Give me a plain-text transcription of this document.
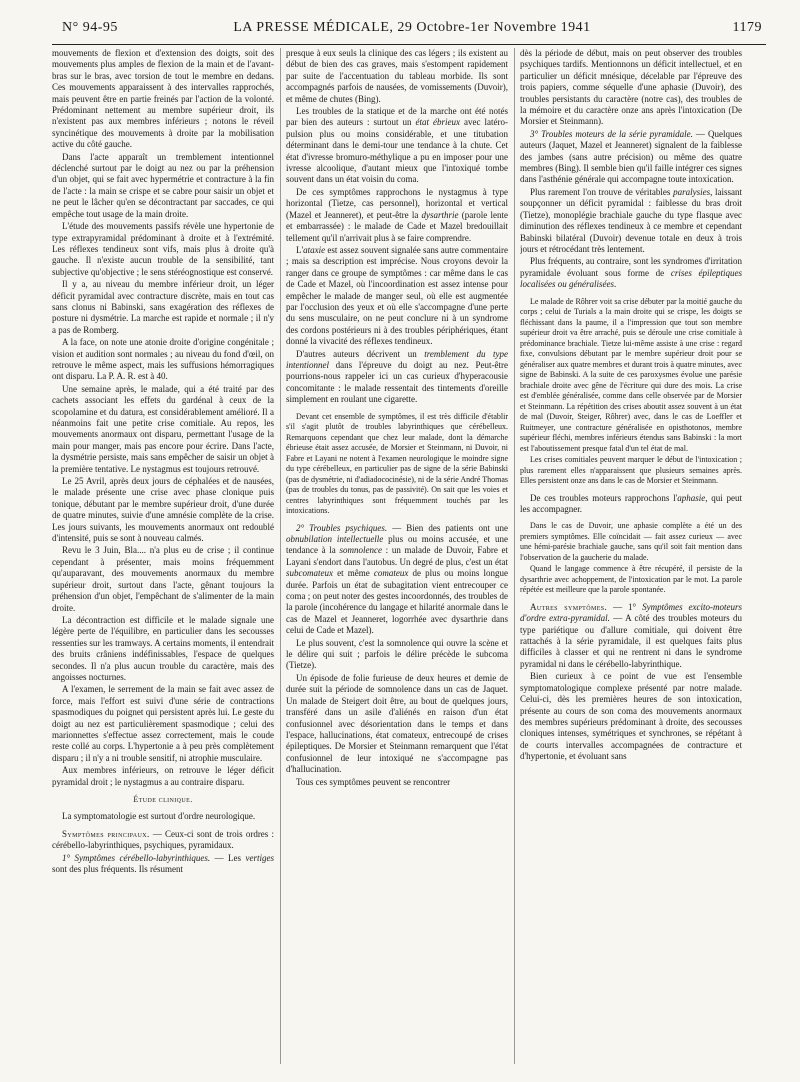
N° 94-95	LA PRESSE MÉDICALE, 29 Octobre-1er Novembre 1941	1179

mouvements de flexion et d'extension des doigts, soit des mouvements plus amples de flexion de la main et de l'avant-bras sur le bras, avec torsion de tout le membre en dedans. Ces mouvements apparaissent à des intervalles rapprochés, mais peuvent être en partie freinés par l'action de la volonté. Prédominant nettement au membre supérieur droit, ils n'existent pas aux membres inférieurs ; notons le réveil syncinétique des mouvements à droite par la mobilisation active du côté gauche.

Dans l'acte apparaît un tremblement intentionnel déclenché surtout par le doigt au nez ou par la préhension d'un objet, qui se fait avec hypermétrie et contracture à la fin de l'acte : la main se crispe et se cabre pour saisir un objet et ne peut le lâcher qu'en se décontractant par saccades, ce qui empêche tout usage de la main droite.

L'étude des mouvements passifs révèle une hypertonie de type extrapyramidal prédominant à droite et à l'extrémité. Les réflexes tendineux sont vifs, mais plus à droite qu'à gauche. Il n'existe aucun trouble de la sensibilité, tant subjective qu'objective ; le sens stéréognostique est conservé.

Il y a, au niveau du membre inférieur droit, un léger déficit pyramidal avec contracture discrète, mais en tout cas sans clonus ni Babinski, sans exagération des réflexes de posture ni dysmétrie. La marche est rapide et normale ; il n'y a pas de Romberg.

A la face, on note une atonie droite d'origine congénitale ; vision et audition sont normales ; au niveau du fond d'œil, on retrouve le même aspect, mais les suffusions hémorragiques ont disparu. La P. A. R. est à 40.

Une semaine après, le malade, qui a été traité par des cachets associant les effets du gardénal à ceux de la scopolamine et du datura, est considérablement amélioré. Il a néanmoins fait une petite crise comitiale. Au repos, les mouvements anormaux ont disparu, permettant l'usage de la main pour manger, mais pas encore pour écrire. Dans l'acte, la dysmétrie persiste, mais sans empêcher de saisir un objet à la première tentative. Le nystagmus est toujours retrouvé.

Le 25 Avril, après deux jours de céphalées et de nausées, le malade présente une crise avec phase clonique puis tonique, débutant par le membre supérieur droit, d'une durée de quatre minutes, suivie d'une amnésie complète de la crise. Les jours suivants, les mouvements anormaux ont redoublé d'intensité, puis se sont à nouveau calmés.

Revu le 3 Juin, Bla.... n'a plus eu de crise ; il continue cependant à présenter, mais moins fréquemment qu'auparavant, des mouvements anormaux du membre supérieur droit, surtout dans l'acte, gênant toujours la préhension d'un objet, l'empêchant de s'alimenter de la main droite.

La décontraction est difficile et le malade signale une légère perte de l'équilibre, en particulier dans les secousses ressenties sur les tramways. A certains moments, il entendrait des bruits crâniens indéfinissables, l'espace de quelques secondes. Il n'a plus aucun trouble du caractère, mais des angoisses nocturnes.

A l'examen, le serrement de la main se fait avec assez de force, mais l'effort est suivi d'une série de contractions spasmodiques du poignet qui persistent après lui. Le geste du doigt au nez est particulièrement spasmodique ; celui des marionnettes s'effectue assez correctement, mais le coude reste collé au corps. L'hypertonie a à peu près complètement disparu ; il n'y a ni trouble sensitif, ni atrophie musculaire.

Aux membres inférieurs, on retrouve le léger déficit pyramidal droit ; le nystagmus a au contraire disparu.

Étude clinique.

La symptomatologie est surtout d'ordre neurologique.

Symptômes principaux. — Ceux-ci sont de trois ordres : cérébello-labyrinthiques, psychiques, pyramidaux.

1° Symptômes cérébello-labyrinthiques. — Les vertiges sont des plus fréquents. Ils résument

presque à eux seuls la clinique des cas légers ; ils existent au début de bien des cas graves, mais s'estompent rapidement par suite de l'accentuation du tableau morbide. Ils sont accompagnés parfois de nausées, de vomissements (Duvoir), et même de chutes (Bing).

Les troubles de la statique et de la marche ont été notés par bien des auteurs : surtout un état ébrieux avec latéro-pulsion plus ou moins considérable, et une titubation déterminant dans le demi-tour une tendance à la chute. Cet état d'ivresse bromuro-méthylique a pu en imposer pour une ivresse alcoolique, d'autant mieux que l'intoxiqué tombe souvent dans un état voisin du coma.

De ces symptômes rapprochons le nystagmus à type horizontal (Tietze, cas personnel), horizontal et vertical (Mazel et Jeanneret), et peut-être la dysarthrie (parole lente et embarrassée) : le malade de Cade et Mazel bredouillait tellement qu'il n'arrivait plus à se faire comprendre.

L'ataxie est assez souvent signalée sans autre commentaire ; mais sa description est imprécise. Nous croyons devoir la ranger dans ce groupe de symptômes : car même dans le cas de Cade et Mazel, où l'incoordination est assez intense pour empêcher le malade de manger seul, où elle est augmentée par l'occlusion des yeux et où elle s'accompagne d'une perte du sens musculaire, on ne peut conclure ni à un syndrome des cordons postérieurs ni à des troubles périphériques, étant donné la vivacité des réflexes tendineux.

D'autres auteurs décrivent un tremblement du type intentionnel dans l'épreuve du doigt au nez. Peut-être pourrions-nous rappeler ici un cas curieux d'hyperacousie concomitante : le malade ressentait des tintements d'oreille simplement en roulant une cigarette.

Devant cet ensemble de symptômes, il est très difficile d'établir s'il s'agit plutôt de troubles labyrinthiques que cérébelleux. Remarquons cependant que chez leur malade, dont la démarche ébrieuse était assez accusée, de Morsier et Steinmann, ni Duvoir, ni Fabre et Layani ne notent à l'examen neurologique le moindre signe du type cérébelleux, en particulier pas de signe de la série Babinski (pas de dysmétrie, ni d'adiadococinésie), ni de la série André Thomas (pas de troubles du tonus, pas de passivité). On sait que les voies et centres labyrinthiques sont fréquemment touchés par les intoxications.

2° Troubles psychiques. — Bien des patients ont une obnubilation intellectuelle plus ou moins accusée, et une tendance à la somnolence : un malade de Duvoir, Fabre et Layani s'endort dans l'autobus. Un degré de plus, c'est un état subcomateux et même comateux de plus ou moins longue durée. Parfois un état de subagitation vient entrecouper ce coma ; on peut noter des gestes incoordonnés, des troubles de la parole (incohérence du langage et hilarité anormale dans le cas de Mazel et Jeanneret, logorrhée avec dysarthrie dans celui de Cade et Mazel).

Le plus souvent, c'est la somnolence qui ouvre la scène et le délire qui suit ; parfois le délire précède le subcoma (Tietze).

Un épisode de folie furieuse de deux heures et demie de durée suit la période de somnolence dans un cas de Jaquet. Un malade de Steigert doit être, au bout de quelques jours, transféré dans un asile d'aliénés en raison d'un état confusionnel avec désorientation dans le temps et dans l'espace, hallucinations, état comateux, entrecoupé de crises épileptiques. De Morsier et Steinmann remarquent que l'état confusionnel de leur intoxiqué ne s'accompagne pas d'hallucination.

Tous ces symptômes peuvent se rencontrer

dès la période de début, mais on peut observer des troubles psychiques tardifs. Mentionnons un déficit intellectuel, et en particulier un déficit mnésique, décelable par l'épreuve des trois papiers, comme séquelle d'une aphasie (Duvoir), des troubles persistants du caractère (notre cas), des troubles de la mémoire et du caractère onze ans après l'intoxication (De Morsier et Steinmann).

3° Troubles moteurs de la série pyramidale. — Quelques auteurs (Jaquet, Mazel et Jeanneret) signalent de la faiblesse des jambes (sans autre précision) ou même des quatre membres (Bing). Il semble bien qu'il faille intégrer ces signes dans l'asthénie générale qui accompagne toute intoxication.

Plus rarement l'on trouve de véritables paralysies, laissant soupçonner un déficit pyramidal : faiblesse du bras droit (Tietze), monoplégie brachiale gauche du type flasque avec diminution des réflexes tendineux à ce membre et cependant Babinski bilatéral (Duvoir) devenue totale en deux à trois jours et rétrocédant très lentement.

Plus fréquents, au contraire, sont les syndromes d'irritation pyramidale évoluant sous forme de crises épileptiques localisées ou généralisées.

Le malade de Rôhrer voit sa crise débuter par la moitié gauche du corps ; celui de Turials a la main droite qui se crispe, les doigts se fléchissant dans la paume, il a l'impression que tout son membre supérieur droit va être arraché, puis se déroule une crise comitiale à prédominance brachiale. Tietze lui-même assiste à une crise : regard fixe, convulsions débutant par le membre supérieur droit pour se généraliser aux quatre membres et durant trois à quatre minutes, avec signe de Babinski. A la suite de ces paroxysmes évolue une parésie brachiale droite avec gêne de l'écriture qui dure des mois. La crise est d'emblée généralisée, comme dans celle observée par de Morsier et Steinmann. La répétition des crises aboutit assez souvent à un état de mal (Duvoir, Steiger, Rôhrer) avec, dans le cas de Loeffler et Ruitmeyer, une contracture généralisée en opisthotonos, membre supérieur fléchi, membres inférieurs étendus sans Babinski : la mort est l'aboutissement presque fatal d'un tel état de mal.

Les crises comitiales peuvent marquer le début de l'intoxication ; plus rarement elles n'apparaissent que plusieurs semaines après. Elles persistent onze ans dans le cas de Morsier et Steinmann.

De ces troubles moteurs rapprochons l'aphasie, qui peut les accompagner.

Dans le cas de Duvoir, une aphasie complète a été un des premiers symptômes. Elle coïncidait — fait assez curieux — avec une hémi-parésie brachiale gauche, sans qu'il soit fait mention dans l'observation de la gaucherie du malade.

Quand le langage commence à être récupéré, il persiste de la dysarthrie avec achoppement, de l'intoxication par le mot. La parole répétée est meilleure que la parole spontanée.

Autres symptômes. — 1° Symptômes excito-moteurs d'ordre extra-pyramidal. — A côté des troubles moteurs du type pariétique ou d'allure comitiale, qui doivent être rattachés à la série pyramidale, il est quelques faits plus difficiles à classer et qui ne rentrent ni dans le syndrome pyramidal ni dans le cérébello-labyrinthique.

Bien curieux à ce point de vue est l'ensemble symptomatologique complexe présenté par notre malade. Celui-ci, dès les premières heures de son intoxication, présente au cours de son coma des mouvements anormaux des membres supérieurs prédominant à droite, des secousses cloniques intenses, symétriques et synchrones, se répétant à de courts intervalles accompagnées de contracture et d'hypertonie, et évoluant sans
